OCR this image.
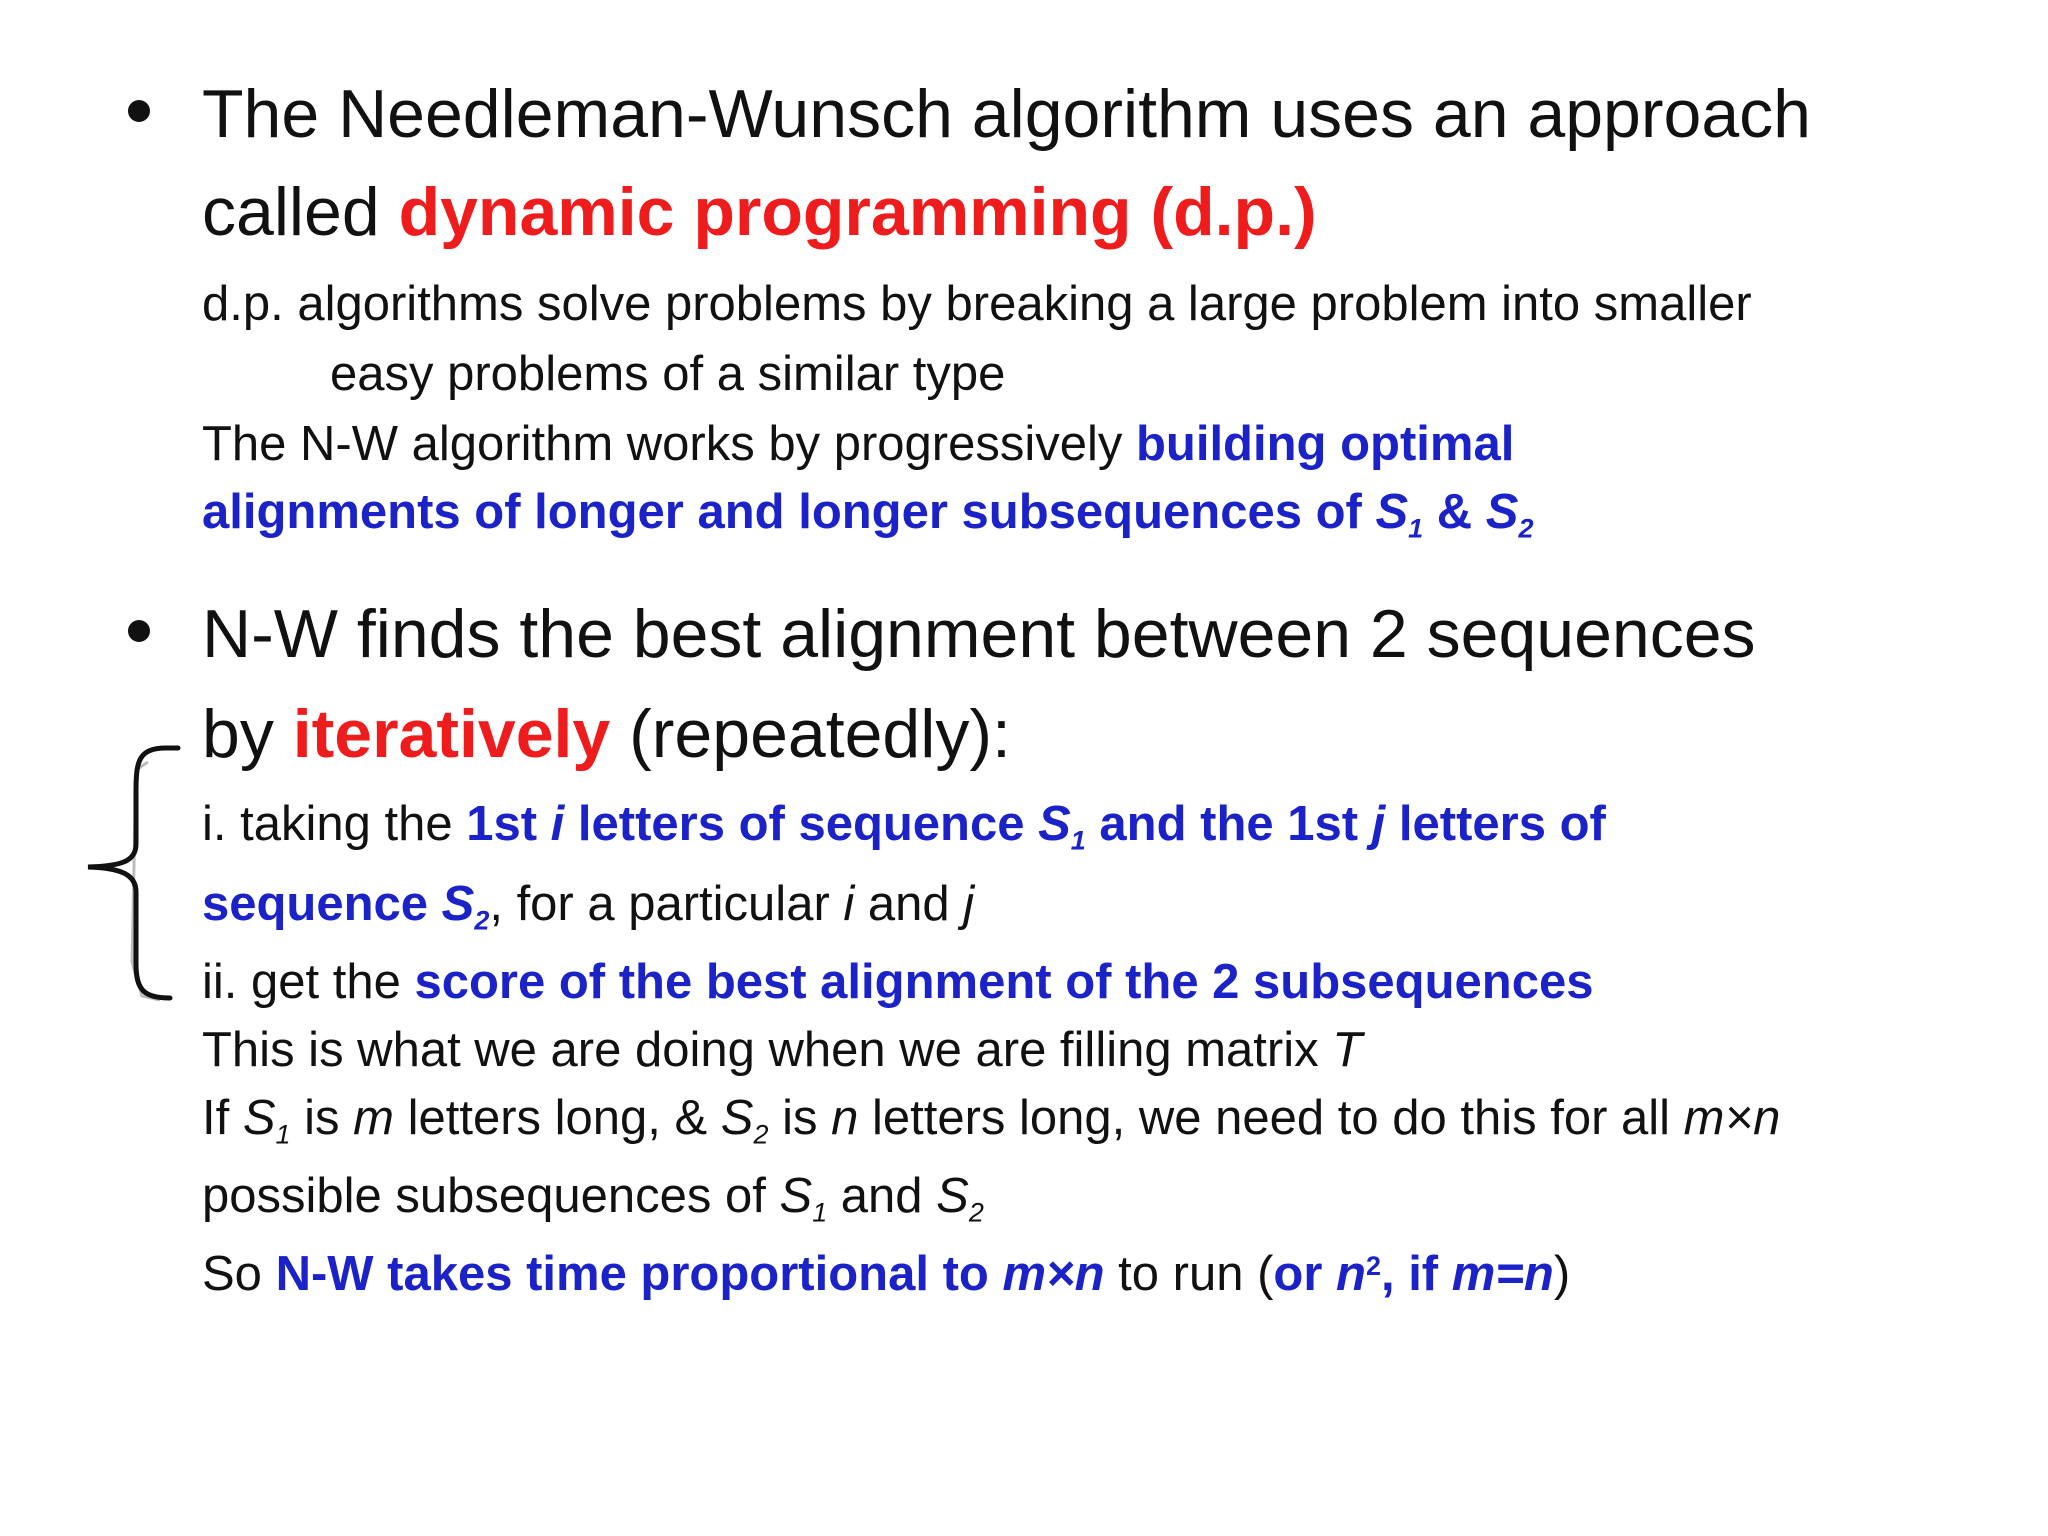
The Needleman-Wunsch algorithm uses an approach
called dynamic programming (d.p.)
d.p. algorithms solve problems by breaking a large problem into smaller
easy problems of a similar type
The N-W algorithm works by progressively building optimal
alignments of longer and longer subsequences of $S_1$ & $S_2$
N-W finds the best alignment between 2 sequences
by iteratively (repeatedly):
i. taking the 1st i letters of sequence $S_1$ and the 1st j letters of
sequence $S_2$, for a particular i and j
ii. get the score of the best alignment of the 2 subsequences
This is what we are doing when we are filling matrix T
If $S_1$ is m letters long, & $S_2$ is n letters long, we need to do this for all m×n
possible subsequences of $S_1$ and $S_2$
So N-W takes time proportional to m×n to run (or $n^2$, if m=n)
